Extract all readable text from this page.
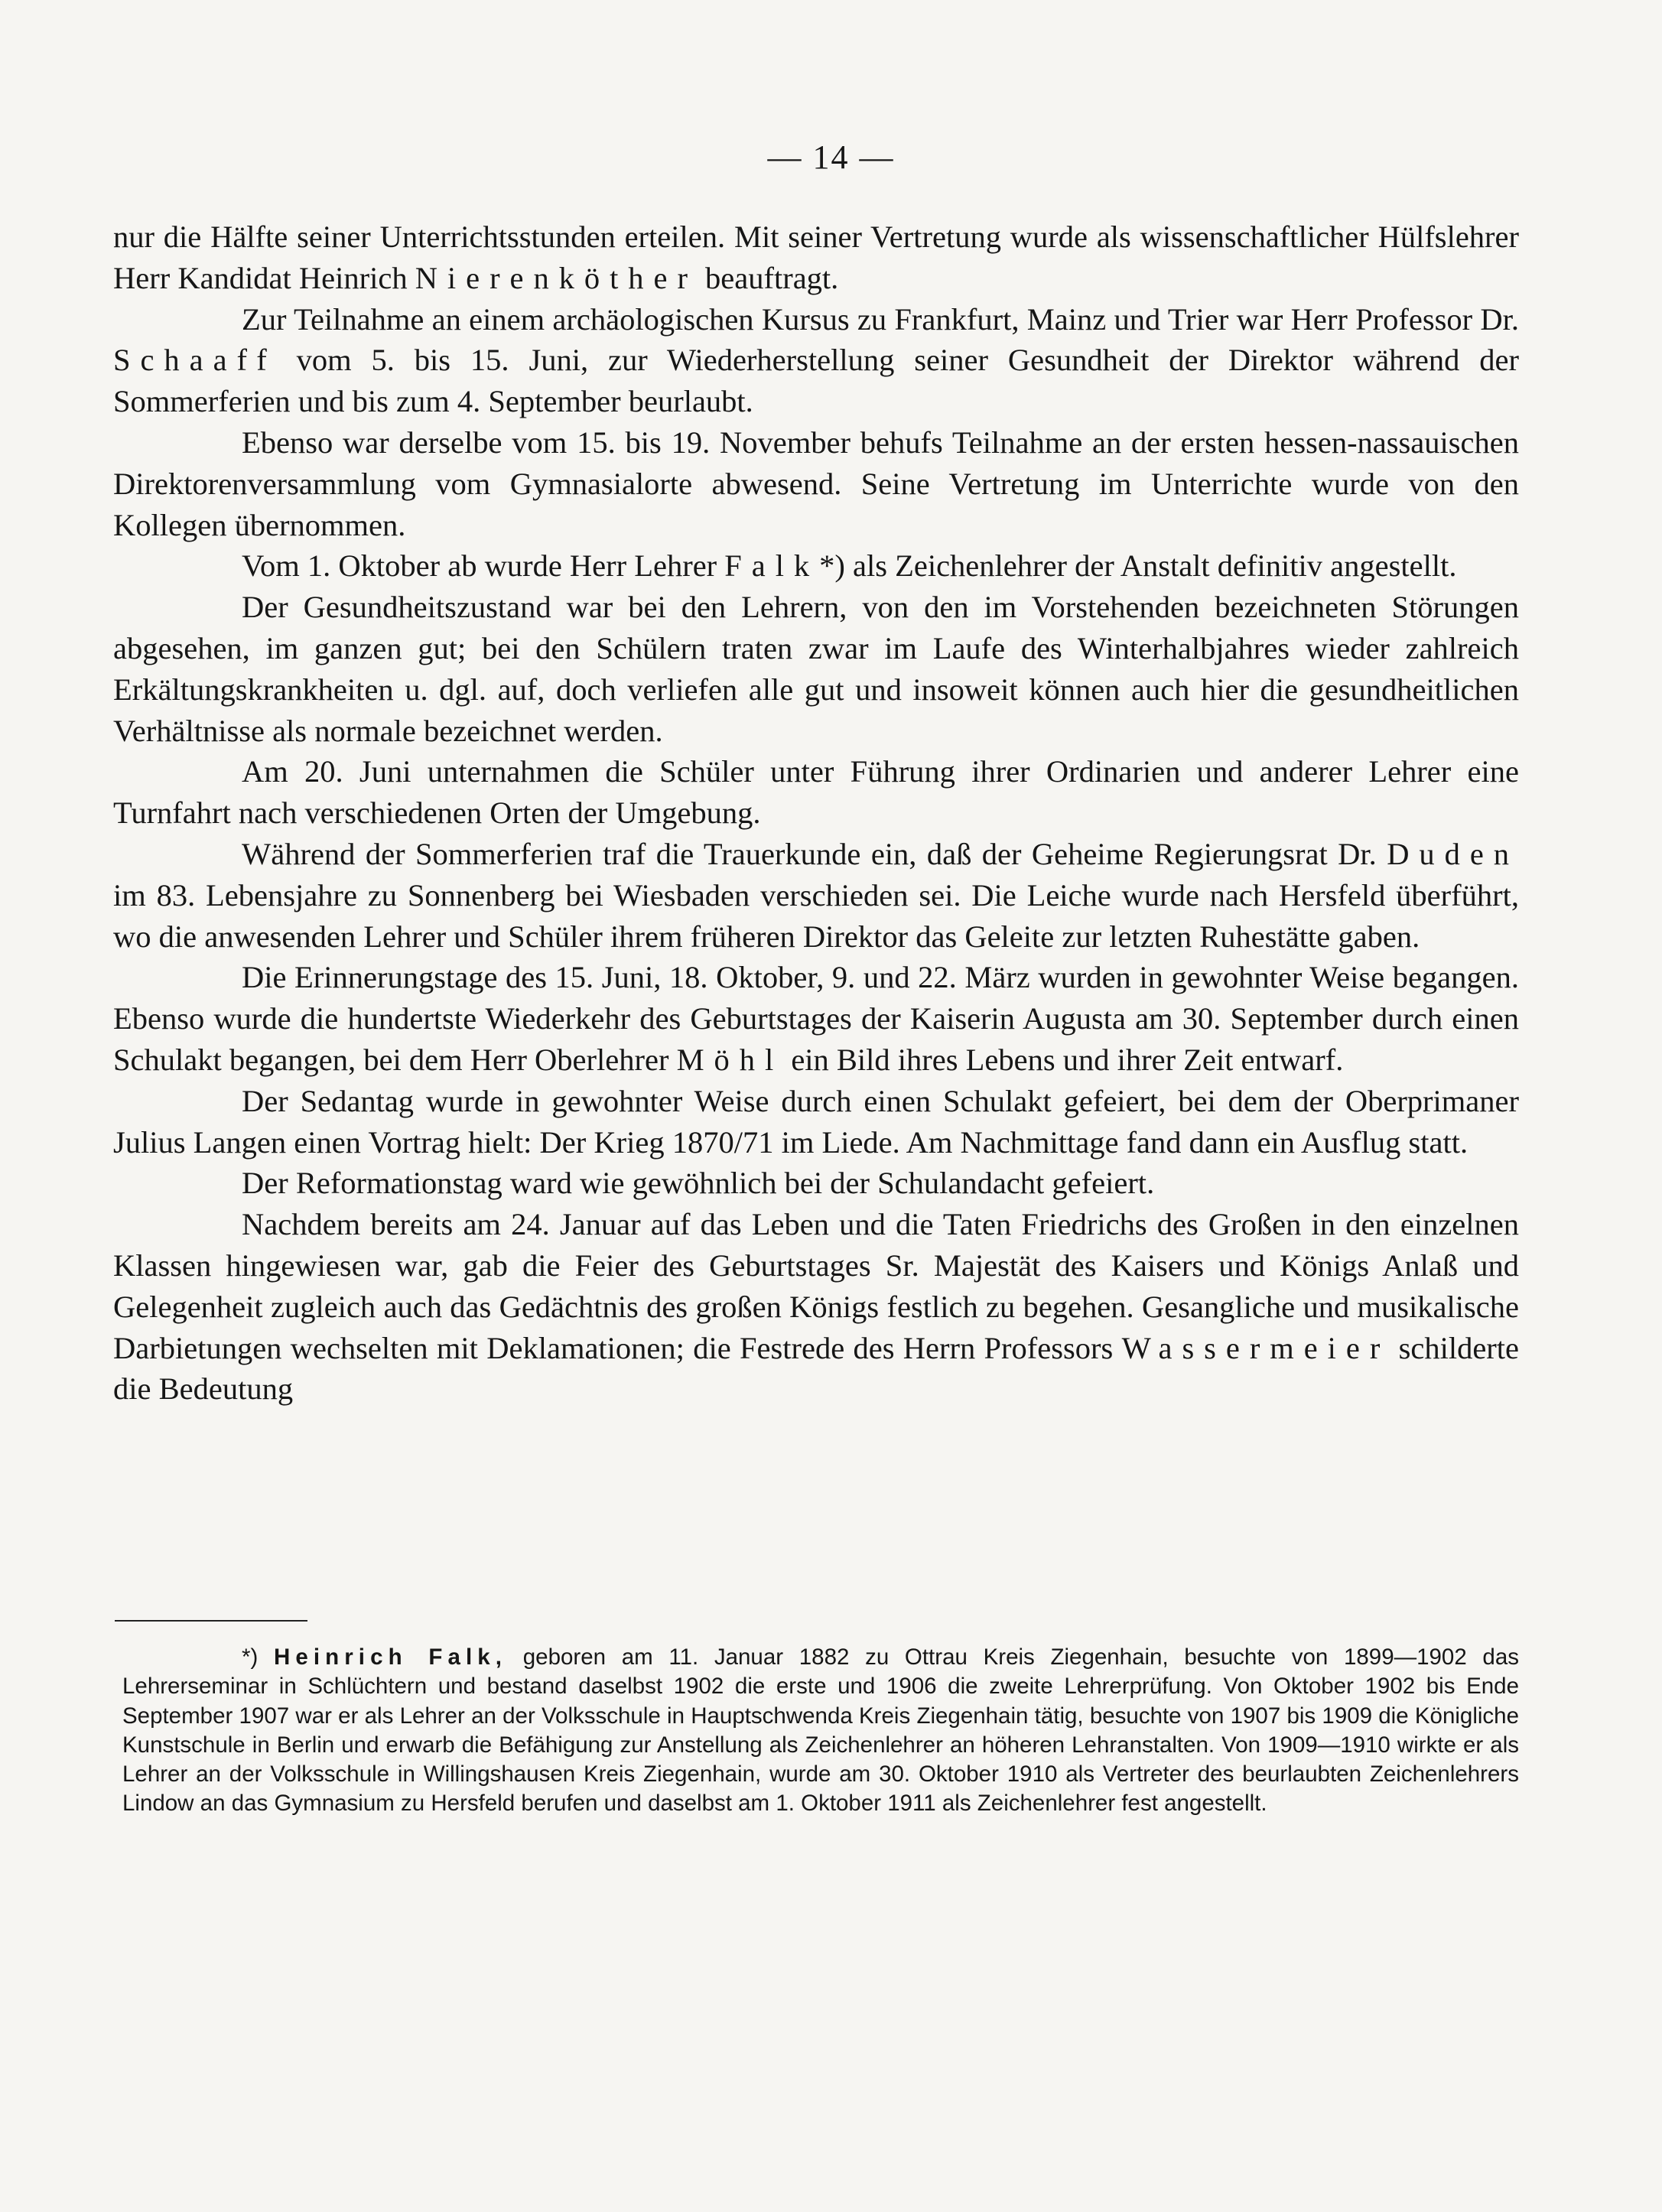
— 14 —

nur die Hälfte seiner Unterrichtsstunden erteilen. Mit seiner Vertretung wurde als wissenschaftlicher Hülfslehrer Herr Kandidat Heinrich Nierenköther beauftragt.

Zur Teilnahme an einem archäologischen Kursus zu Frankfurt, Mainz und Trier war Herr Professor Dr. Schaaff vom 5. bis 15. Juni, zur Wiederherstellung seiner Gesundheit der Direktor während der Sommerferien und bis zum 4. September beurlaubt.

Ebenso war derselbe vom 15. bis 19. November behufs Teilnahme an der ersten hessen-nassauischen Direktorenversammlung vom Gymnasialorte abwesend. Seine Vertretung im Unterrichte wurde von den Kollegen übernommen.

Vom 1. Oktober ab wurde Herr Lehrer Falk*) als Zeichenlehrer der Anstalt definitiv angestellt.

Der Gesundheitszustand war bei den Lehrern, von den im Vorstehenden bezeichneten Störungen abgesehen, im ganzen gut; bei den Schülern traten zwar im Laufe des Winterhalbjahres wieder zahlreich Erkältungskrankheiten u. dgl. auf, doch verliefen alle gut und insoweit können auch hier die gesundheitlichen Verhältnisse als normale bezeichnet werden.

Am 20. Juni unternahmen die Schüler unter Führung ihrer Ordinarien und anderer Lehrer eine Turnfahrt nach verschiedenen Orten der Umgebung.

Während der Sommerferien traf die Trauerkunde ein, daß der Geheime Regierungsrat Dr. Duden im 83. Lebensjahre zu Sonnenberg bei Wiesbaden verschieden sei. Die Leiche wurde nach Hersfeld überführt, wo die anwesenden Lehrer und Schüler ihrem früheren Direktor das Geleite zur letzten Ruhestätte gaben.

Die Erinnerungstage des 15. Juni, 18. Oktober, 9. und 22. März wurden in gewohnter Weise begangen. Ebenso wurde die hundertste Wiederkehr des Geburtstages der Kaiserin Augusta am 30. September durch einen Schulakt begangen, bei dem Herr Oberlehrer Möhl ein Bild ihres Lebens und ihrer Zeit entwarf.

Der Sedantag wurde in gewohnter Weise durch einen Schulakt gefeiert, bei dem der Oberprimaner Julius Langen einen Vortrag hielt: Der Krieg 1870/71 im Liede. Am Nachmittage fand dann ein Ausflug statt.

Der Reformationstag ward wie gewöhnlich bei der Schulandacht gefeiert.

Nachdem bereits am 24. Januar auf das Leben und die Taten Friedrichs des Großen in den einzelnen Klassen hingewiesen war, gab die Feier des Geburtstages Sr. Majestät des Kaisers und Königs Anlaß und Gelegenheit zugleich auch das Gedächtnis des großen Königs festlich zu begehen. Gesangliche und musikalische Darbietungen wechselten mit Deklamationen; die Festrede des Herrn Professors Wassermeier schilderte die Bedeutung

*) Heinrich Falk, geboren am 11. Januar 1882 zu Ottrau Kreis Ziegenhain, besuchte von 1899—1902 das Lehrerseminar in Schlüchtern und bestand daselbst 1902 die erste und 1906 die zweite Lehrerprüfung. Von Oktober 1902 bis Ende September 1907 war er als Lehrer an der Volksschule in Hauptschwenda Kreis Ziegenhain tätig, besuchte von 1907 bis 1909 die Königliche Kunstschule in Berlin und erwarb die Befähigung zur Anstellung als Zeichenlehrer an höheren Lehranstalten. Von 1909—1910 wirkte er als Lehrer an der Volksschule in Willingshausen Kreis Ziegenhain, wurde am 30. Oktober 1910 als Vertreter des beurlaubten Zeichenlehrers Lindow an das Gymnasium zu Hersfeld berufen und daselbst am 1. Oktober 1911 als Zeichenlehrer fest angestellt.
